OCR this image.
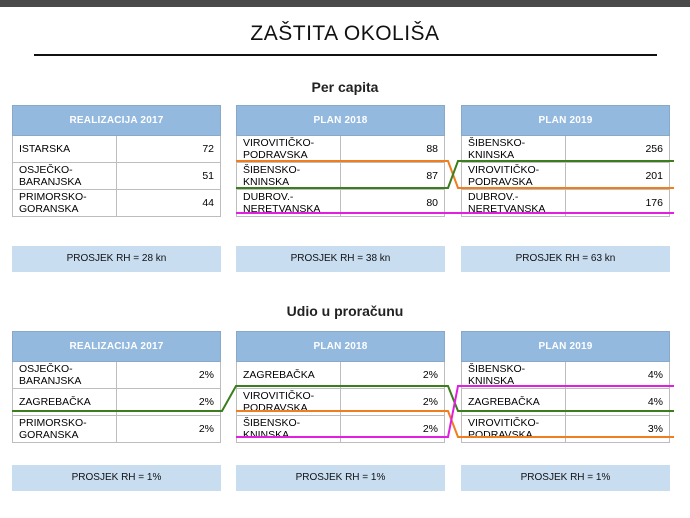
ZAŠTITA OKOLIŠA
Per capita
REALIZACIJA 2017	
ISTARSKA	72
OSJEČKO-BARANJSKA	51
PRIMORSKO-GORANSKA	44
PLAN 2018	
VIROVITIČKO-PODRAVSKA	88
ŠIBENSKO-KNINSKA	87
DUBROV.-NERETVANSKA	80
PLAN 2019	
ŠIBENSKO-KNINSKA	256
VIROVITIČKO-PODRAVSKA	201
DUBROV.-NERETVANSKA	176
PROSJEK RH = 28 kn	PROSJEK RH = 38 kn	PROSJEK RH = 63 kn
Udio u proračunu
REALIZACIJA 2017	
OSJEČKO-BARANJSKA	2%
ZAGREBAČKA	2%
PRIMORSKO-GORANSKA	2%
PLAN 2018	
ZAGREBAČKA	2%
VIROVITIČKO-PODRAVSKA	2%
ŠIBENSKO-KNINSKA	2%
PLAN 2019	
ŠIBENSKO-KNINSKA	4%
ZAGREBAČKA	4%
VIROVITIČKO-PODRAVSKA	3%
PROSJEK RH = 1%	PROSJEK RH = 1%	PROSJEK RH = 1%
